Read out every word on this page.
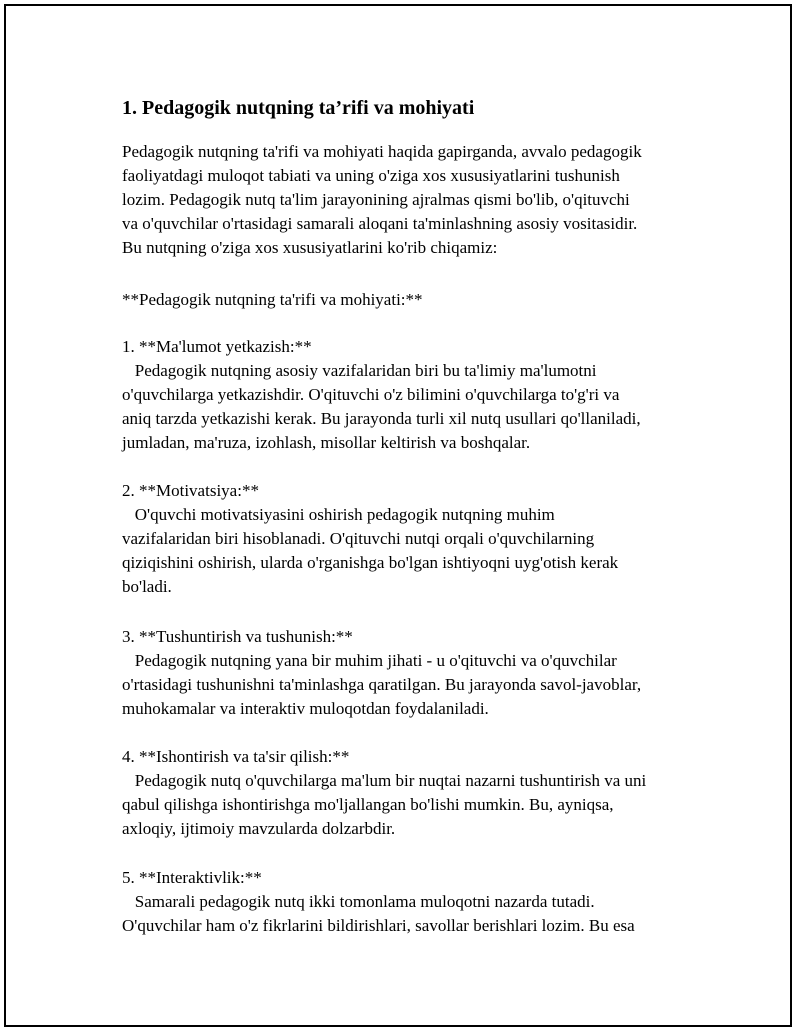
1. Pedagogik nutqning ta’rifi va mohiyati
Pedagogik nutqning ta'rifi va mohiyati haqida gapirganda, avvalo pedagogik
faoliyatdagi muloqot tabiati va uning o'ziga xos xususiyatlarini tushunish
lozim. Pedagogik nutq ta'lim jarayonining ajralmas qismi bo'lib, o'qituvchi
va o'quvchilar o'rtasidagi samarali aloqani ta'minlashning asosiy vositasidir.
Bu nutqning o'ziga xos xususiyatlarini ko'rib chiqamiz:
**Pedagogik nutqning ta'rifi va mohiyati:**
1. **Ma'lumot yetkazish:**
Pedagogik nutqning asosiy vazifalaridan biri bu ta'limiy ma'lumotni
o'quvchilarga yetkazishdir. O'qituvchi o'z bilimini o'quvchilarga to'g'ri va
aniq tarzda yetkazishi kerak. Bu jarayonda turli xil nutq usullari qo'llaniladi,
jumladan, ma'ruza, izohlash, misollar keltirish va boshqalar.
2. **Motivatsiya:**
O'quvchi motivatsiyasini oshirish pedagogik nutqning muhim
vazifalaridan biri hisoblanadi. O'qituvchi nutqi orqali o'quvchilarning
qiziqishini oshirish, ularda o'rganishga bo'lgan ishtiyoqni uyg'otish kerak
bo'ladi.
3. **Tushuntirish va tushunish:**
Pedagogik nutqning yana bir muhim jihati - u o'qituvchi va o'quvchilar
o'rtasidagi tushunishni ta'minlashga qaratilgan. Bu jarayonda savol-javoblar,
muhokamalar va interaktiv muloqotdan foydalaniladi.
4. **Ishontirish va ta'sir qilish:**
Pedagogik nutq o'quvchilarga ma'lum bir nuqtai nazarni tushuntirish va uni
qabul qilishga ishontirishga mo'ljallangan bo'lishi mumkin. Bu, ayniqsa,
axloqiy, ijtimoiy mavzularda dolzarbdir.
5. **Interaktivlik:**
Samarali pedagogik nutq ikki tomonlama muloqotni nazarda tutadi.
O'quvchilar ham o'z fikrlarini bildirishlari, savollar berishlari lozim. Bu esa
